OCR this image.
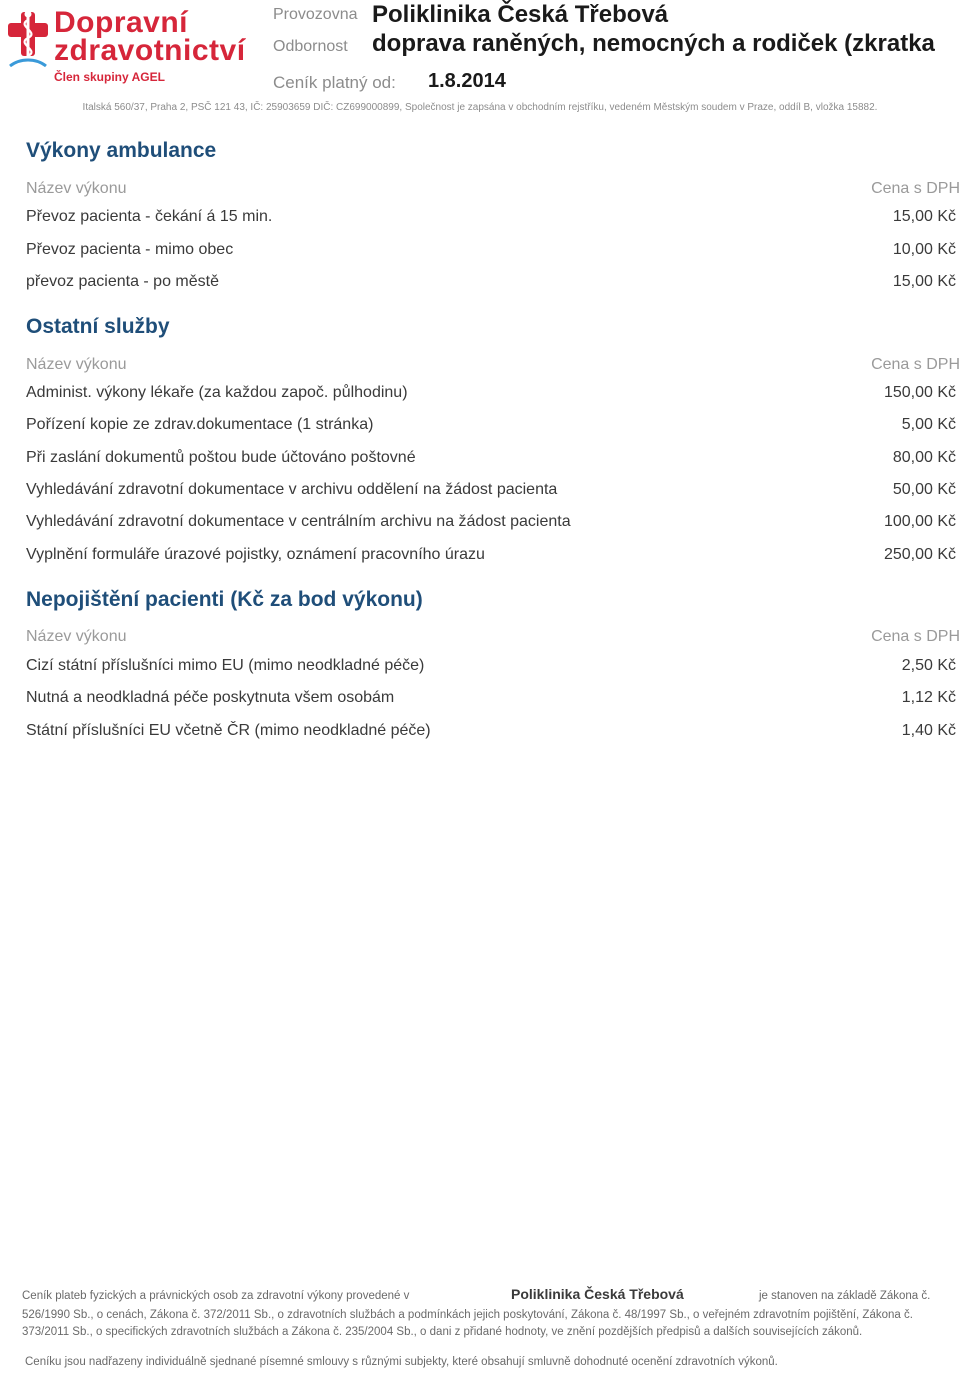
Dopravní
zdravotnictví
Člen skupiny AGEL
Provozovna Poliklinika Česká Třebová
Odbornost doprava raněných, nemocných a rodiček (zkratka
Ceník platný od: 1.8.2014
Italská 560/37, Praha 2, PSČ 121 43, IČ: 25903659 DIČ: CZ699000899, Společnost je zapsána v obchodním rejstříku, vedeném Městským soudem v Praze, oddíl B, vložka 15882.
Výkony ambulance
Název výkonu	Cena s DPH
Převoz pacienta - čekání á 15 min.	15,00 Kč
Převoz pacienta - mimo obec	10,00 Kč
převoz pacienta - po městě	15,00 Kč
Ostatní služby
Název výkonu	Cena s DPH
Administ. výkony lékaře (za každou započ. půlhodinu)	150,00 Kč
Pořízení kopie ze zdrav.dokumentace (1 stránka)	5,00 Kč
Při zaslání dokumentů poštou bude účtováno poštovné	80,00 Kč
Vyhledávání zdravotní dokumentace v archivu oddělení na žádost pacienta	50,00 Kč
Vyhledávání zdravotní dokumentace v centrálním archivu na žádost pacienta	100,00 Kč
Vyplnění formuláře úrazové pojistky, oznámení pracovního úrazu	250,00 Kč
Nepojištění pacienti (Kč za bod výkonu)
Název výkonu	Cena s DPH
Cizí státní příslušníci mimo EU (mimo neodkladné péče)	2,50 Kč
Nutná a neodkladná péče poskytnuta všem osobám	1,12 Kč
Státní příslušníci EU včetně ČR (mimo neodkladné péče)	1,40 Kč
Ceník plateb fyzických a právnických osob za zdravotní výkony provedené v	Poliklinika Česká Třebová	je stanoven na základě Zákona č.
526/1990 Sb., o cenách, Zákona č. 372/2011 Sb., o zdravotních službách a podmínkách jejich poskytování, Zákona č. 48/1997 Sb., o veřejném zdravotním pojištění, Zákona č. 373/2011 Sb., o specifických zdravotních službách a Zákona č. 235/2004 Sb., o dani z přidané hodnoty, ve znění pozdějších předpisů a dalších souvisejících zákonů.
Ceníku jsou nadřazeny individuálně sjednané písemné smlouvy s různými subjekty, které obsahují smluvně dohodnuté ocenění zdravotních výkonů.
